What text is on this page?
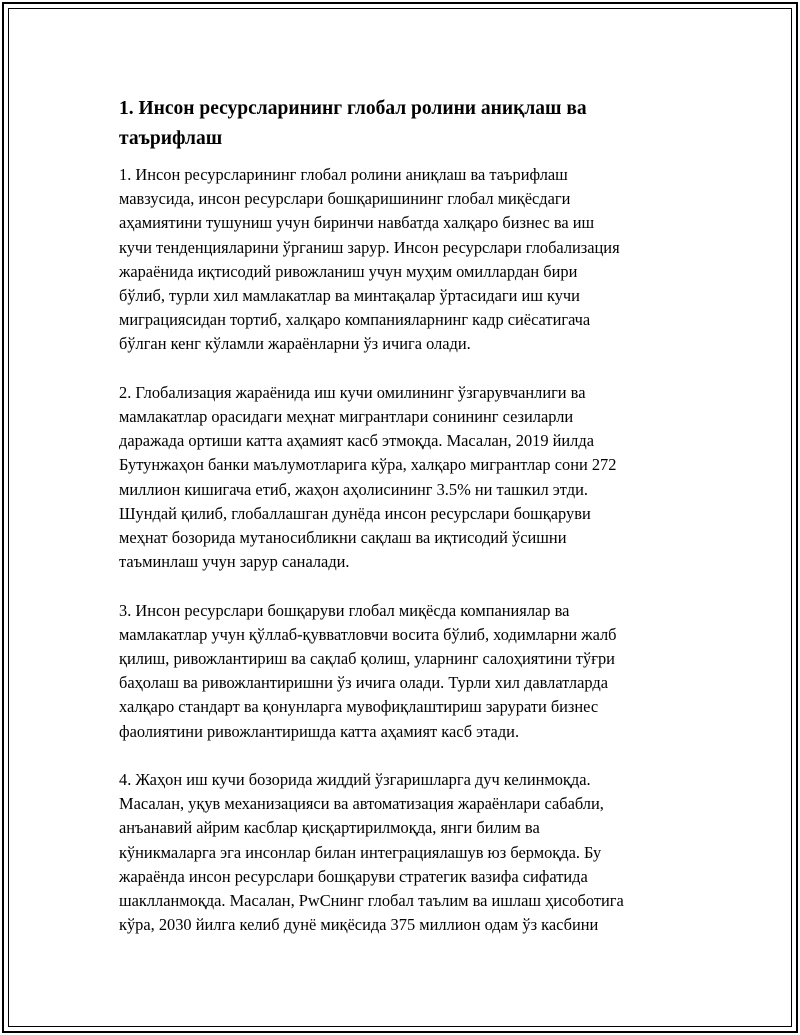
1. Инсон ресурсларининг глобал ролини аниқлаш ва
таърифлаш

1. Инсон ресурсларининг глобал ролини аниқлаш ва таърифлаш
мавзусида, инсон ресурслари бошқаришининг глобал миқёсдаги
аҳамиятини тушуниш учун биринчи навбатда халқаро бизнес ва иш
кучи тенденцияларини ўрганиш зарур. Инсон ресурслари глобализация
жараёнида иқтисодий ривожланиш учун муҳим омиллардан бири
бўлиб, турли хил мамлакатлар ва минтақалар ўртасидаги иш кучи
миграциясидан тортиб, халқаро компанияларнинг кадр сиёсатигача
бўлган кенг кўламли жараёнларни ўз ичига олади.

2. Глобализация жараёнида иш кучи омилининг ўзгарувчанлиги ва
мамлакатлар орасидаги меҳнат мигрантлари сонининг сезиларли
даражада ортиши катта аҳамият касб этмоқда. Масалан, 2019 йилда
Бутунжаҳон банки маълумотларига кўра, халқаро мигрантлар сони 272
миллион кишигача етиб, жаҳон аҳолисининг 3.5% ни ташкил этди.
Шундай қилиб, глобаллашган дунёда инсон ресурслари бошқаруви
меҳнат бозорида мутаносибликни сақлаш ва иқтисодий ўсишни
таъминлаш учун зарур саналади.

3. Инсон ресурслари бошқаруви глобал миқёсда компаниялар ва
мамлакатлар учун қўллаб-қувватловчи восита бўлиб, ходимларни жалб
қилиш, ривожлантириш ва сақлаб қолиш, уларнинг салоҳиятини тўғри
баҳолаш ва ривожлантиришни ўз ичига олади. Турли хил давлатларда
халқаро стандарт ва қонунларга мувофиқлаштириш зарурати бизнес
фаолиятини ривожлантиришда катта аҳамият касб этади.

4. Жаҳон иш кучи бозорида жиддий ўзгаришларга дуч келинмоқда.
Масалан, уқув механизацияси ва автоматизация жараёнлари сабабли,
анъанавий айрим касблар қисқартирилмоқда, янги билим ва
кўникмаларга эга инсонлар билан интеграциялашув юз бермоқда. Бу
жараёнда инсон ресурслари бошқаруви стратегик вазифа сифатида
шаклланмоқда. Масалан, PwСнинг глобал таълим ва ишлаш ҳисоботига
кўра, 2030 йилга келиб дунё миқёсида 375 миллион одам ўз касбини
